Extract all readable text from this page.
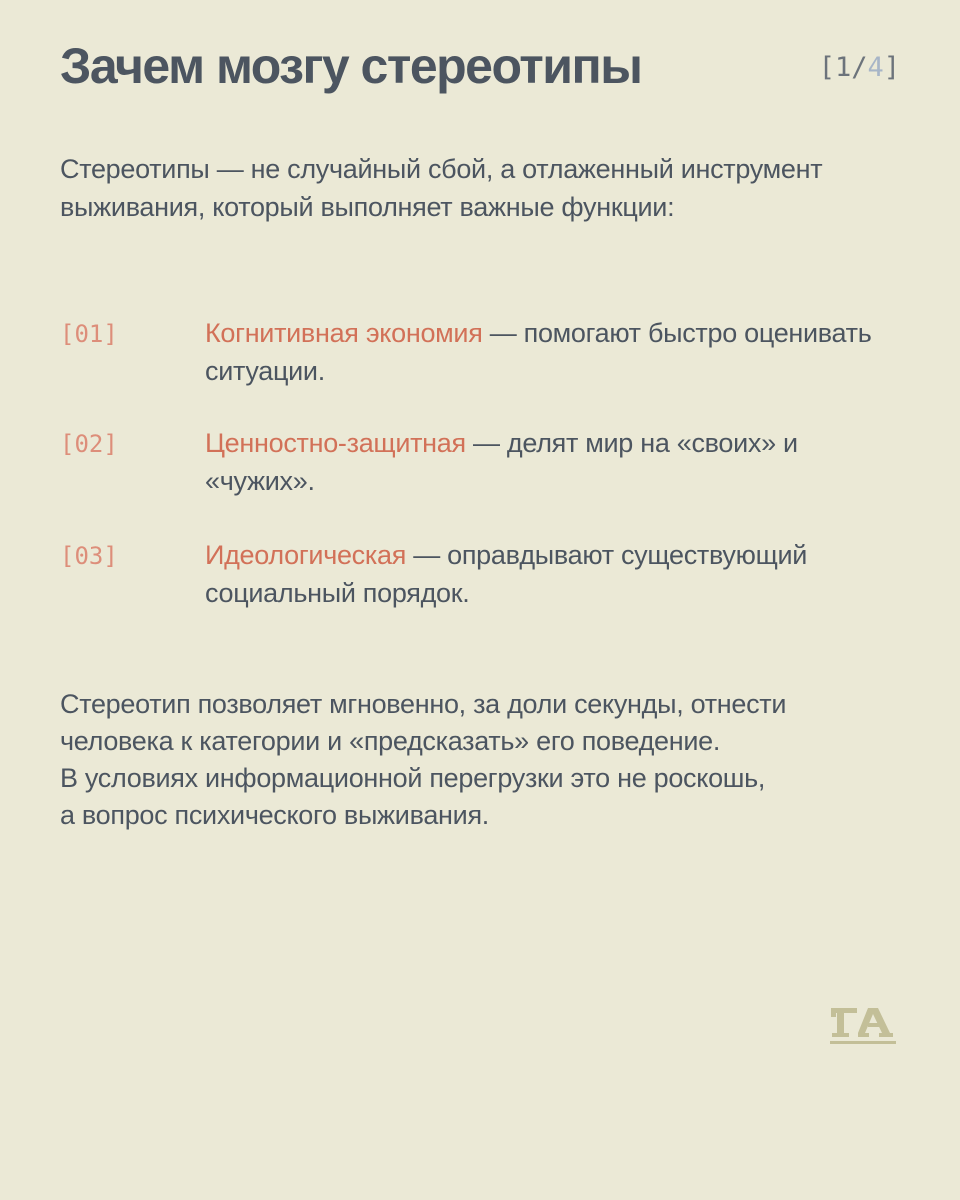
Зачем мозгу стереотипы	[1/4]

Стереотипы — не случайный сбой, а отлаженный инструмент выживания, который выполняет важные функции:

[01]	Когнитивная экономия — помогают быстро оценивать ситуации.

[02]	Ценностно-защитная — делят мир на «своих» и «чужих».

[03]	Идеологическая — оправдывают существующий социальный порядок.

Стереотип позволяет мгновенно, за доли секунды, отнести
человека к категории и «предсказать» его поведение.
В условиях информационной перегрузки это не роскошь,
а вопрос психического выживания.
